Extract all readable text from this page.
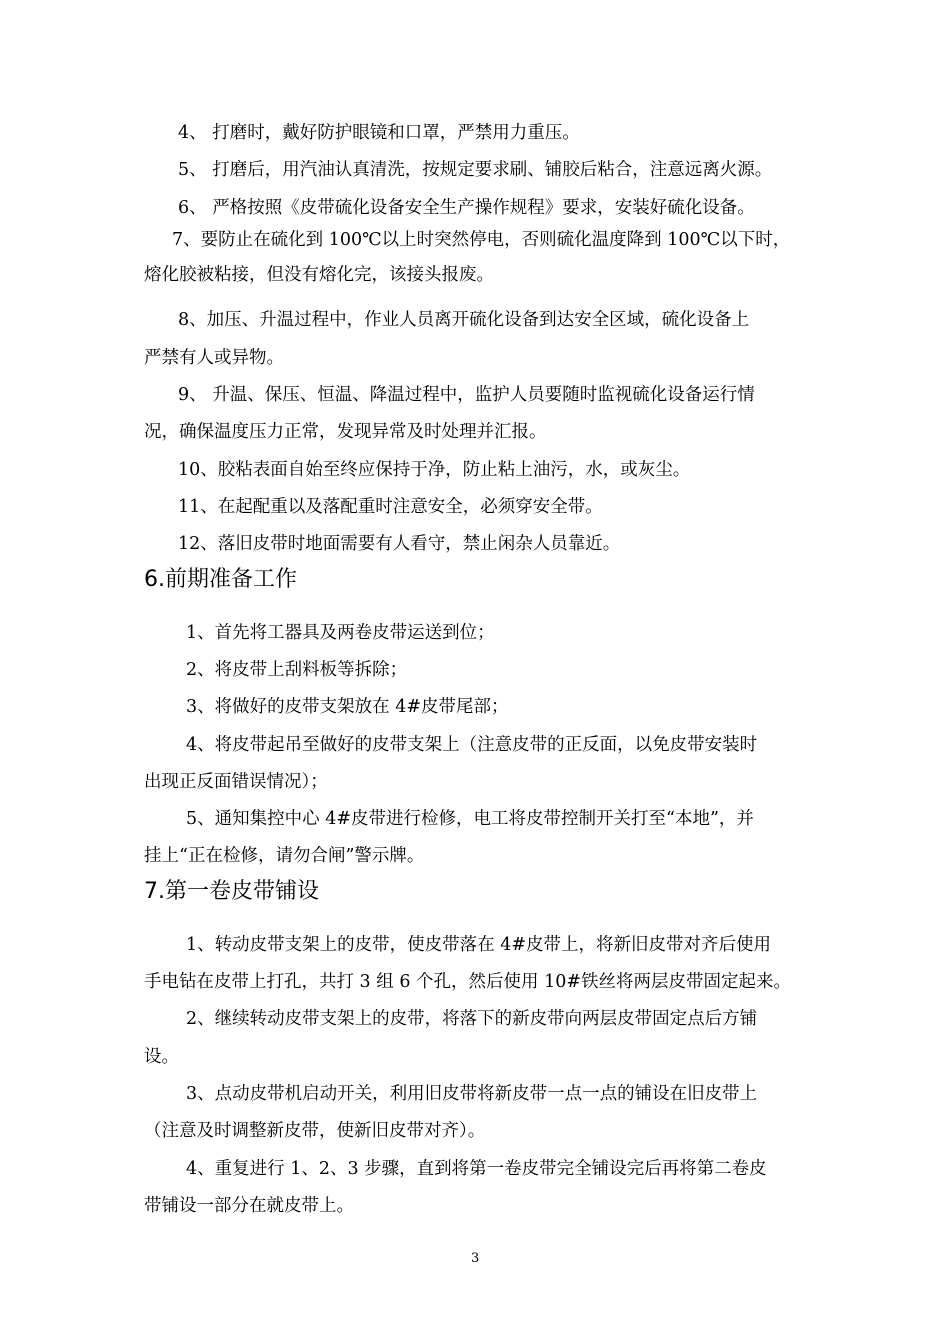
4、 打磨时，戴好防护眼镜和口罩，严禁用力重压。
5、 打磨后，用汽油认真清洗，按规定要求刷、铺胶后粘合，注意远离火源。
6、 严格按照《皮带硫化设备安全生产操作规程》要求，安装好硫化设备。
7、要防止在硫化到 100℃以上时突然停电，否则硫化温度降到 100℃以下时，
熔化胶被粘接，但没有熔化完，该接头报废。
8、加压、升温过程中，作业人员离开硫化设备到达安全区域，硫化设备上
严禁有人或异物。
9、 升温、保压、恒温、降温过程中，监护人员要随时监视硫化设备运行情
况，确保温度压力正常，发现异常及时处理并汇报。
10、胶粘表面自始至终应保持于净，防止粘上油污，水，或灰尘。
11、在起配重以及落配重时注意安全，必须穿安全带。
12、落旧皮带时地面需要有人看守，禁止闲杂人员靠近。
6.前期准备工作
1、首先将工器具及两卷皮带运送到位；
2、将皮带上刮料板等拆除；
3、将做好的皮带支架放在 4#皮带尾部；
4、将皮带起吊至做好的皮带支架上（注意皮带的正反面，以免皮带安装时
出现正反面错误情况）；
5、通知集控中心 4#皮带进行检修，电工将皮带控制开关打至“本地”，并
挂上“正在检修，请勿合闸”警示牌。
7.第一卷皮带铺设
1、转动皮带支架上的皮带，使皮带落在 4#皮带上，将新旧皮带对齐后使用
手电钻在皮带上打孔，共打 3 组 6 个孔，然后使用 10#铁丝将两层皮带固定起来。
2、继续转动皮带支架上的皮带，将落下的新皮带向两层皮带固定点后方铺
设。
3、点动皮带机启动开关，利用旧皮带将新皮带一点一点的铺设在旧皮带上
（注意及时调整新皮带，使新旧皮带对齐）。
4、重复进行 1、2、3 步骤，直到将第一卷皮带完全铺设完后再将第二卷皮
带铺设一部分在就皮带上。
3
